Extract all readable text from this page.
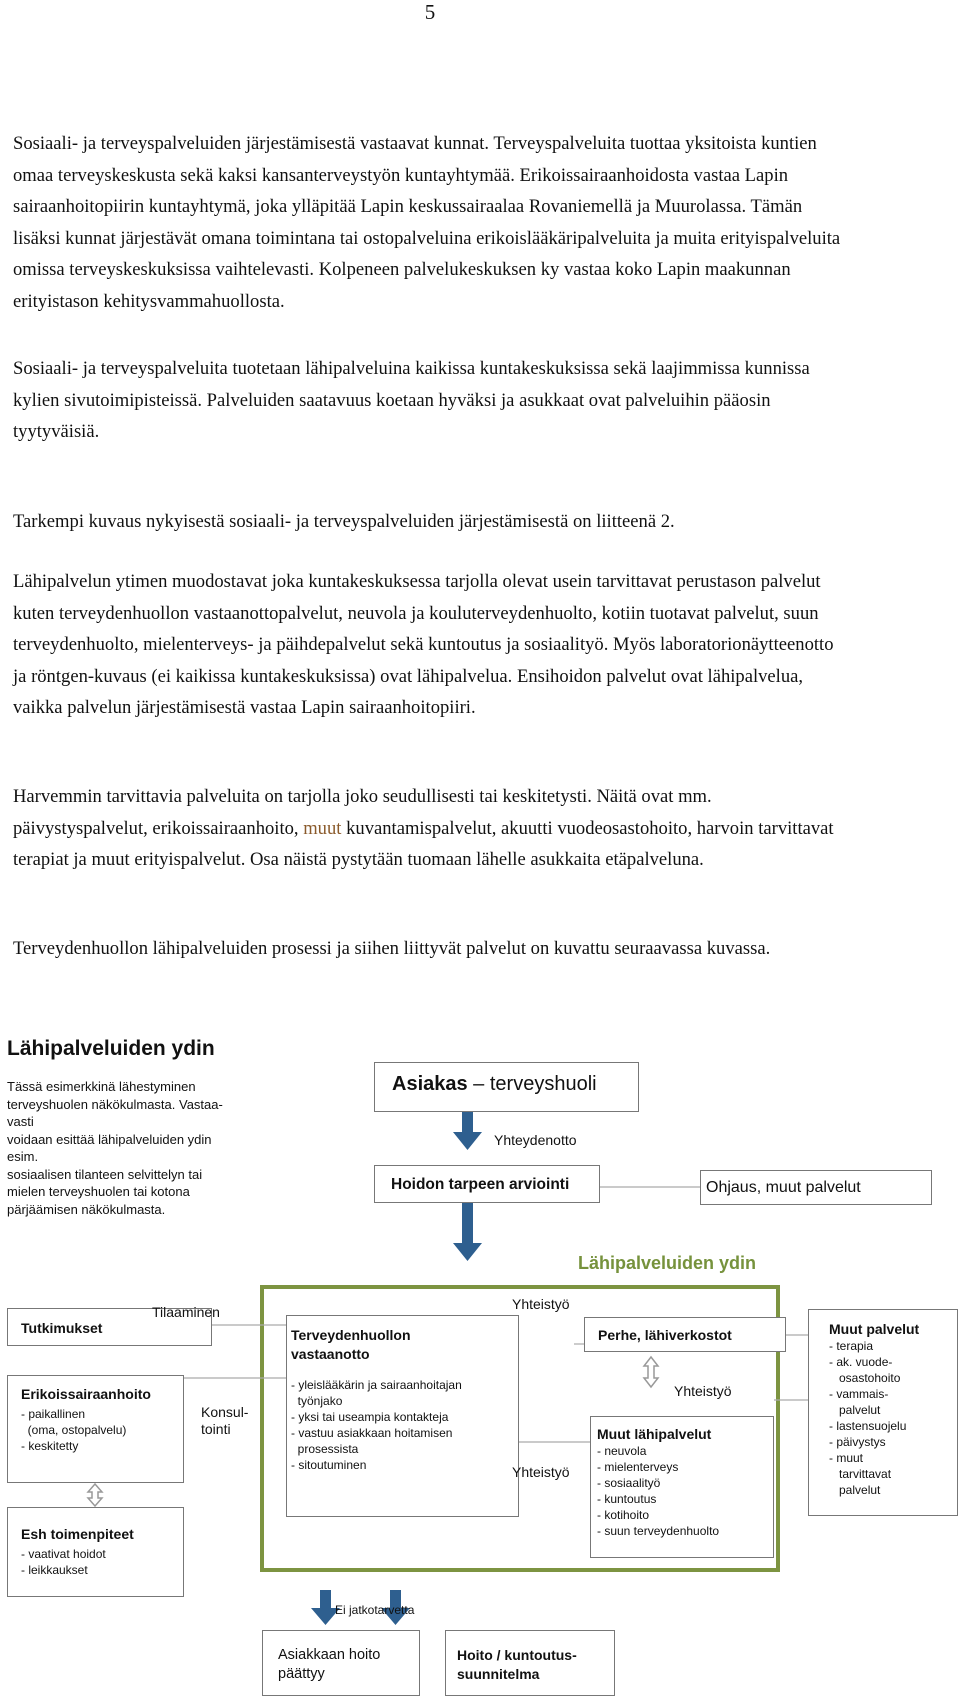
5
Sosiaali- ja terveyspalveluiden järjestämisestä vastaavat kunnat. Terveyspalveluita tuottaa yksitoista kuntien omaa terveyskeskusta sekä kaksi kansanterveystyön kuntayhtymää. Erikoissairaanhoidosta vastaa Lapin sairaanhoitopiirin kuntayhtymä, joka ylläpitää Lapin keskussairaalaa Rovaniemellä ja Muurolassa. Tämän lisäksi kunnat järjestävät omana toimintana tai ostopalveluina erikoislääkäripalveluita ja muita erityispalveluita omissa terveyskeskuksissa vaihtelevasti. Kolpeneen palvelukeskuksen ky vastaa koko Lapin maakunnan erityistason kehitysvammahuollosta.
Sosiaali- ja terveyspalveluita tuotetaan lähipalveluina kaikissa kuntakeskuksissa sekä laajimmissa kunnissa kylien sivutoimipisteissä. Palveluiden saatavuus koetaan hyväksi ja asukkaat ovat palveluihin pääosin tyytyväisiä.
Tarkempi kuvaus nykyisestä sosiaali- ja terveyspalveluiden järjestämisestä on liitteenä 2.
Lähipalvelun ytimen muodostavat joka kuntakeskuksessa tarjolla olevat usein tarvittavat perustason palvelut kuten terveydenhuollon vastaanottopalvelut, neuvola ja kouluterveydenhuolto, kotiin tuotavat palvelut, suun terveydenhuolto, mielenterveys- ja päihdepalvelut sekä kuntoutus ja sosiaalityö. Myös laboratorionäytteenotto ja röntgen-kuvaus (ei kaikissa kuntakeskuksissa) ovat lähipalvelua. Ensihoidon palvelut ovat lähipalvelua, vaikka palvelun järjestämisestä vastaa Lapin sairaanhoitopiiri.
Harvemmin tarvittavia palveluita on tarjolla joko seudullisesti tai keskitetysti. Näitä ovat mm. päivystyspalvelut, erikoissairaanhoito, muut kuvantamispalvelut, akuutti vuodeosastohoito, harvoin tarvittavat terapiat ja muut erityispalvelut. Osa näistä pystytään tuomaan lähelle asukkaita etäpalveluna.
Terveydenhuollon lähipalveluiden prosessi ja siihen liittyvät palvelut on kuvattu seuraavassa kuvassa.
Lähipalveluiden ydin
Tässä esimerkkinä lähestyminen
terveyshuolen näkökulmasta. Vastaa-
vasti
voidaan esittää lähipalveluiden ydin
esim.
sosiaalisen tilanteen selvittelyn tai
mielen terveyshuolen tai kotona
pärjäämisen näkökulmasta.
Asiakas – terveyshuoli
Yhteydenotto
Hoidon tarpeen arviointi	Ohjaus, muut palvelut
Lähipalveluiden ydin
Tutkimukset
Tilaaminen
Erikoissairaanhoito
- paikallinen
(oma, ostopalvelu)
- keskitetty
Konsul-
tointi
Esh toimenpiteet
- vaativat hoidot
- leikkaukset
Terveydenhuollon
vastaanotto
- yleislääkärin ja sairaanhoitajan
työnjako
- yksi tai useampia kontakteja
- vastuu asiakkaan hoitamisen
prosessista
- sitoutuminen
Yhteistyö
Yhteistyö
Yhteistyö
Perhe, lähiverkostot
Muut lähipalvelut
- neuvola
- mielenterveys
- sosiaalityö
- kuntoutus
- kotihoito
- suun terveydenhuolto
Muut palvelut
- terapia
- ak. vuode-
osastohoito
- vammais-
palvelut
- lastensuojelu
- päivystys
- muut
tarvittavat
palvelut
Ei jatkotarvetta
Asiakkaan hoito
päättyy
Hoito / kuntoutus-
suunnitelma
